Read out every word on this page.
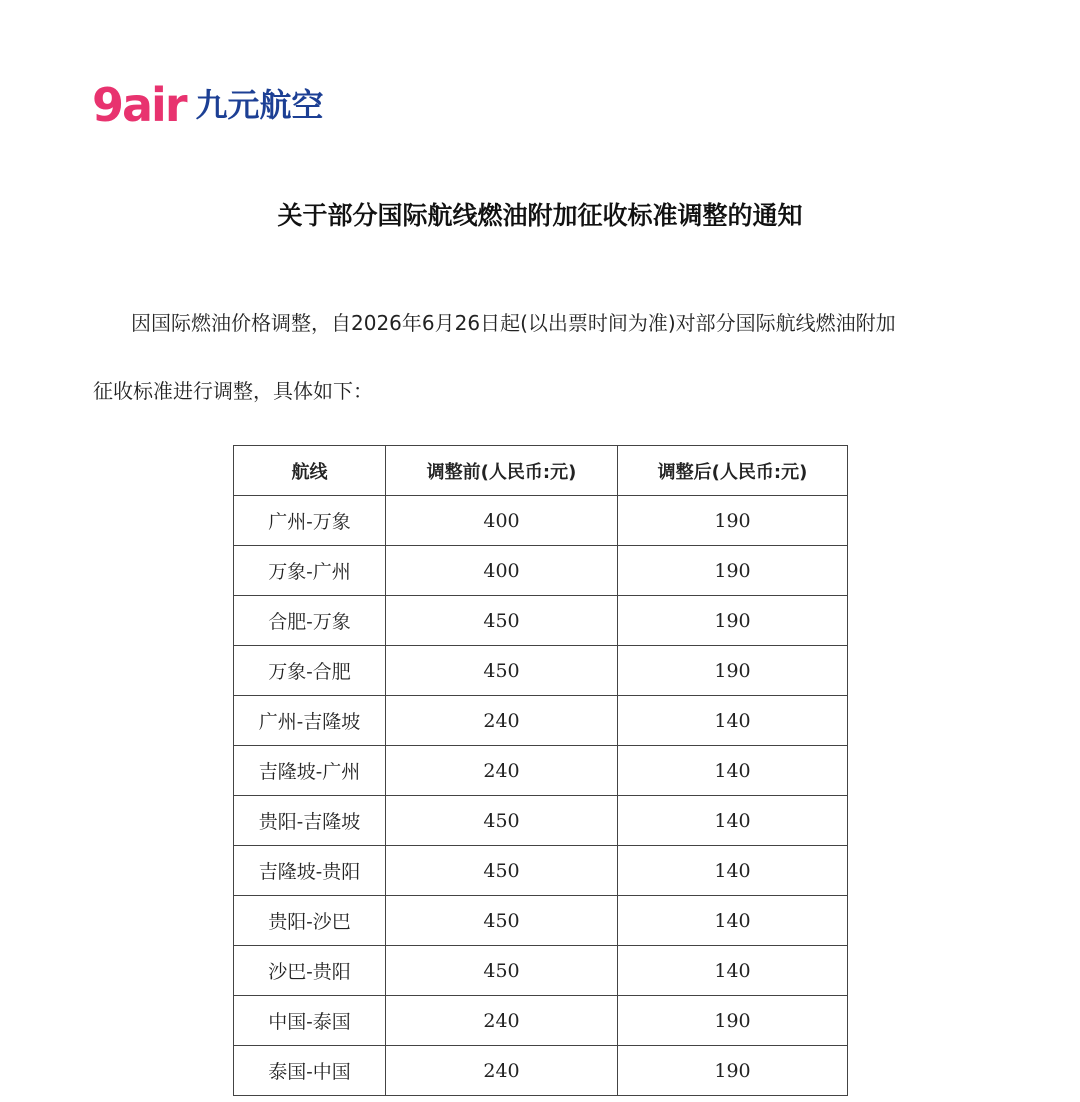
9air 九元航空
关于部分国际航线燃油附加征收标准调整的通知
因国际燃油价格调整，自2026年6月26日起(以出票时间为准)对部分国际航线燃油附加
征收标准进行调整，具体如下：
航线	调整前(人民币:元)	调整后(人民币:元)
广州-万象	400	190
万象-广州	400	190
合肥-万象	450	190
万象-合肥	450	190
广州-吉隆坡	240	140
吉隆坡-广州	240	140
贵阳-吉隆坡	450	140
吉隆坡-贵阳	450	140
贵阳-沙巴	450	140
沙巴-贵阳	450	140
中国-泰国	240	190
泰国-中国	240	190
